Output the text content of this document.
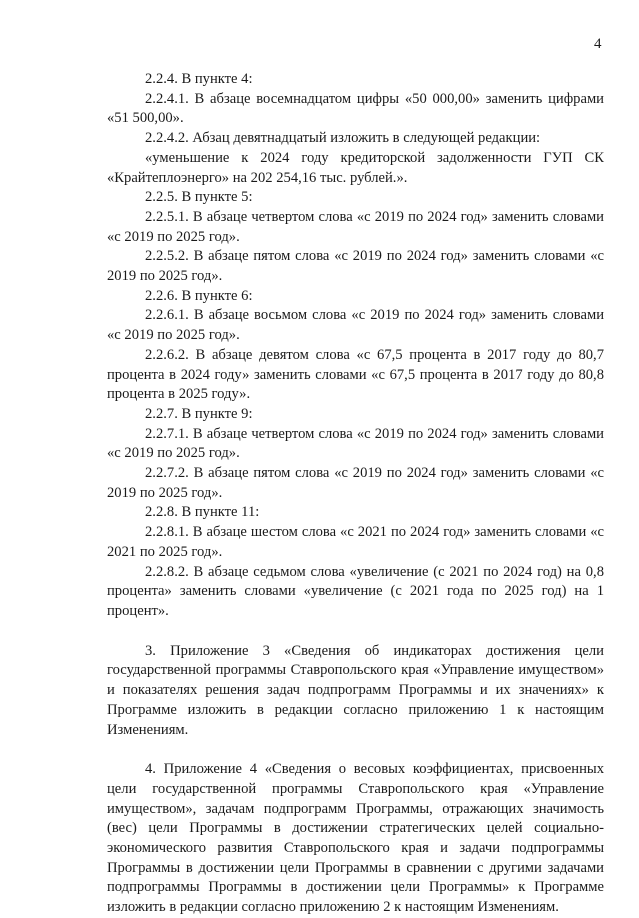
4

2.2.4. В пункте 4:

2.2.4.1. В абзаце восемнадцатом цифры «50 000,00» заменить цифрами «51 500,00».

2.2.4.2. Абзац девятнадцатый изложить в следующей редакции:

«уменьшение к 2024 году кредиторской задолженности ГУП СК «Крайтеплоэнерго» на 202 254,16 тыс. рублей.».

2.2.5. В пункте 5:

2.2.5.1. В абзаце четвертом слова «с 2019 по 2024 год» заменить словами «с 2019 по 2025 год».

2.2.5.2. В абзаце пятом слова «с 2019 по 2024 год» заменить словами «с 2019 по 2025 год».

2.2.6. В пункте 6:

2.2.6.1. В абзаце восьмом слова «с 2019 по 2024 год» заменить словами «с 2019 по 2025 год».

2.2.6.2. В абзаце девятом слова «с 67,5 процента в 2017 году до 80,7 процента в 2024 году» заменить словами «с 67,5 процента в 2017 году до 80,8 процента в 2025 году».

2.2.7. В пункте 9:

2.2.7.1. В абзаце четвертом слова «с 2019 по 2024 год» заменить словами «с 2019 по 2025 год».

2.2.7.2. В абзаце пятом слова «с 2019 по 2024 год» заменить словами «с 2019 по 2025 год».

2.2.8. В пункте 11:

2.2.8.1. В абзаце шестом слова «с 2021 по 2024 год» заменить словами «с 2021 по 2025 год».

2.2.8.2. В абзаце седьмом слова «увеличение (с 2021 по 2024 год) на 0,8 процента» заменить словами «увеличение (с 2021 года по 2025 год) на 1 процент».

3. Приложение 3 «Сведения об индикаторах достижения цели государственной программы Ставропольского края «Управление имуществом» и показателях решения задач подпрограмм Программы и их значениях» к Программе изложить в редакции согласно приложению 1 к настоящим Изменениям.

4. Приложение 4 «Сведения о весовых коэффициентах, присвоенных цели государственной программы Ставропольского края «Управление имуществом», задачам подпрограмм Программы, отражающих значимость (вес) цели Программы в достижении стратегических целей социально-экономического развития Ставропольского края и задачи подпрограммы Программы в достижении цели Программы в сравнении с другими задачами подпрограммы Программы в достижении цели Программы» к Программе изложить в редакции согласно приложению 2 к настоящим Изменениям.
